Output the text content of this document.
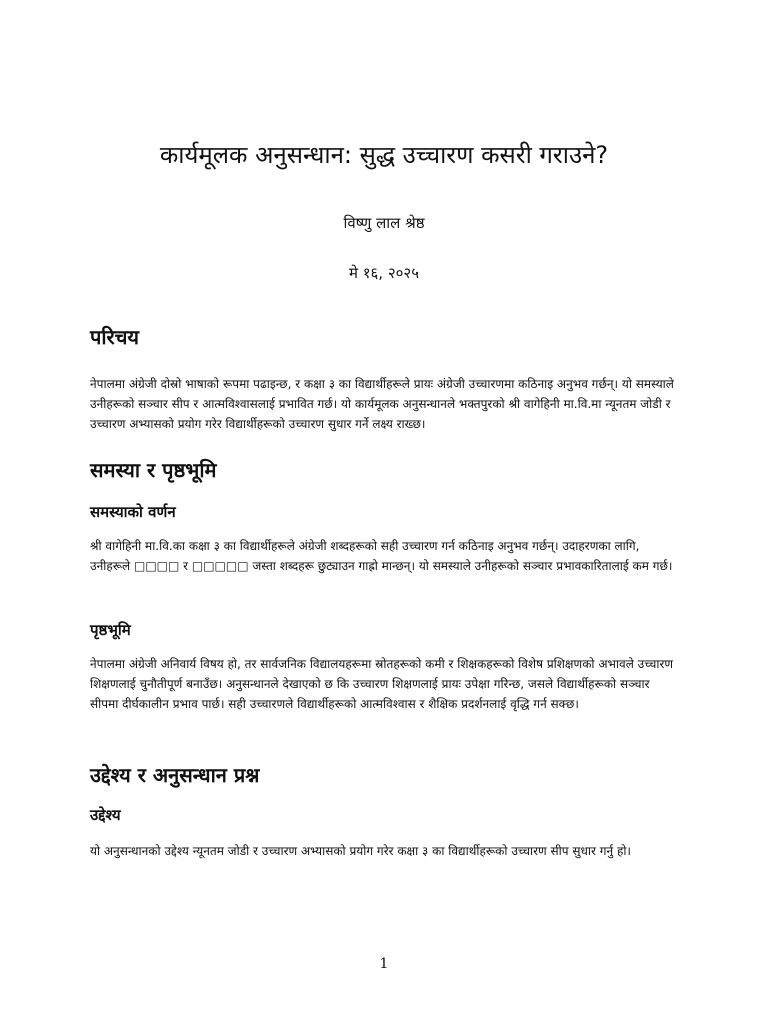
कार्यमूलक अनुसन्धान: सुद्ध उच्चारण कसरी गराउने?
विष्णु लाल श्रेष्ठ
मे १६, २०२५
परिचय

नेपालमा अंग्रेजी दोस्रो भाषाको रूपमा पढाइन्छ, र कक्षा ३ का विद्यार्थीहरूले प्रायः अंग्रेजी उच्चारणमा कठिनाइ अनुभव गर्छन्। यो समस्याले उनीहरूको सञ्चार सीप र आत्मविश्वासलाई प्रभावित गर्छ। यो कार्यमूलक अनुसन्धानले भक्तपुरको श्री वागेहिनी मा.वि.मा न्यूनतम जोडी र उच्चारण अभ्यासको प्रयोग गरेर विद्यार्थीहरूको उच्चारण सुधार गर्ने लक्ष्य राख्छ।

समस्या र पृष्ठभूमि
समस्याको वर्णन

श्री वागेहिनी मा.वि.का कक्षा ३ का विद्यार्थीहरूले अंग्रेजी शब्दहरूको सही उच्चारण गर्न कठिनाइ अनुभव गर्छन्। उदाहरणका लागि, उनीहरूले □□□□ र □□□□□ जस्ता शब्दहरू छुट्याउन गाह्रो मान्छन्। यो समस्याले उनीहरूको सञ्चार प्रभावकारितालाई कम गर्छ।

पृष्ठभूमि

नेपालमा अंग्रेजी अनिवार्य विषय हो, तर सार्वजनिक विद्यालयहरूमा स्रोतहरूको कमी र शिक्षकहरूको विशेष प्रशिक्षणको अभावले उच्चारण शिक्षणलाई चुनौतीपूर्ण बनाउँछ। अनुसन्धानले देखाएको छ कि उच्चारण शिक्षणलाई प्रायः उपेक्षा गरिन्छ, जसले विद्यार्थीहरूको सञ्चार सीपमा दीर्घकालीन प्रभाव पार्छ। सही उच्चारणले विद्यार्थीहरूको आत्मविश्वास र शैक्षिक प्रदर्शनलाई वृद्धि गर्न सक्छ।

उद्देश्य र अनुसन्धान प्रश्न
उद्देश्य

यो अनुसन्धानको उद्देश्य न्यूनतम जोडी र उच्चारण अभ्यासको प्रयोग गरेर कक्षा ३ का विद्यार्थीहरूको उच्चारण सीप सुधार गर्नु हो।

1
